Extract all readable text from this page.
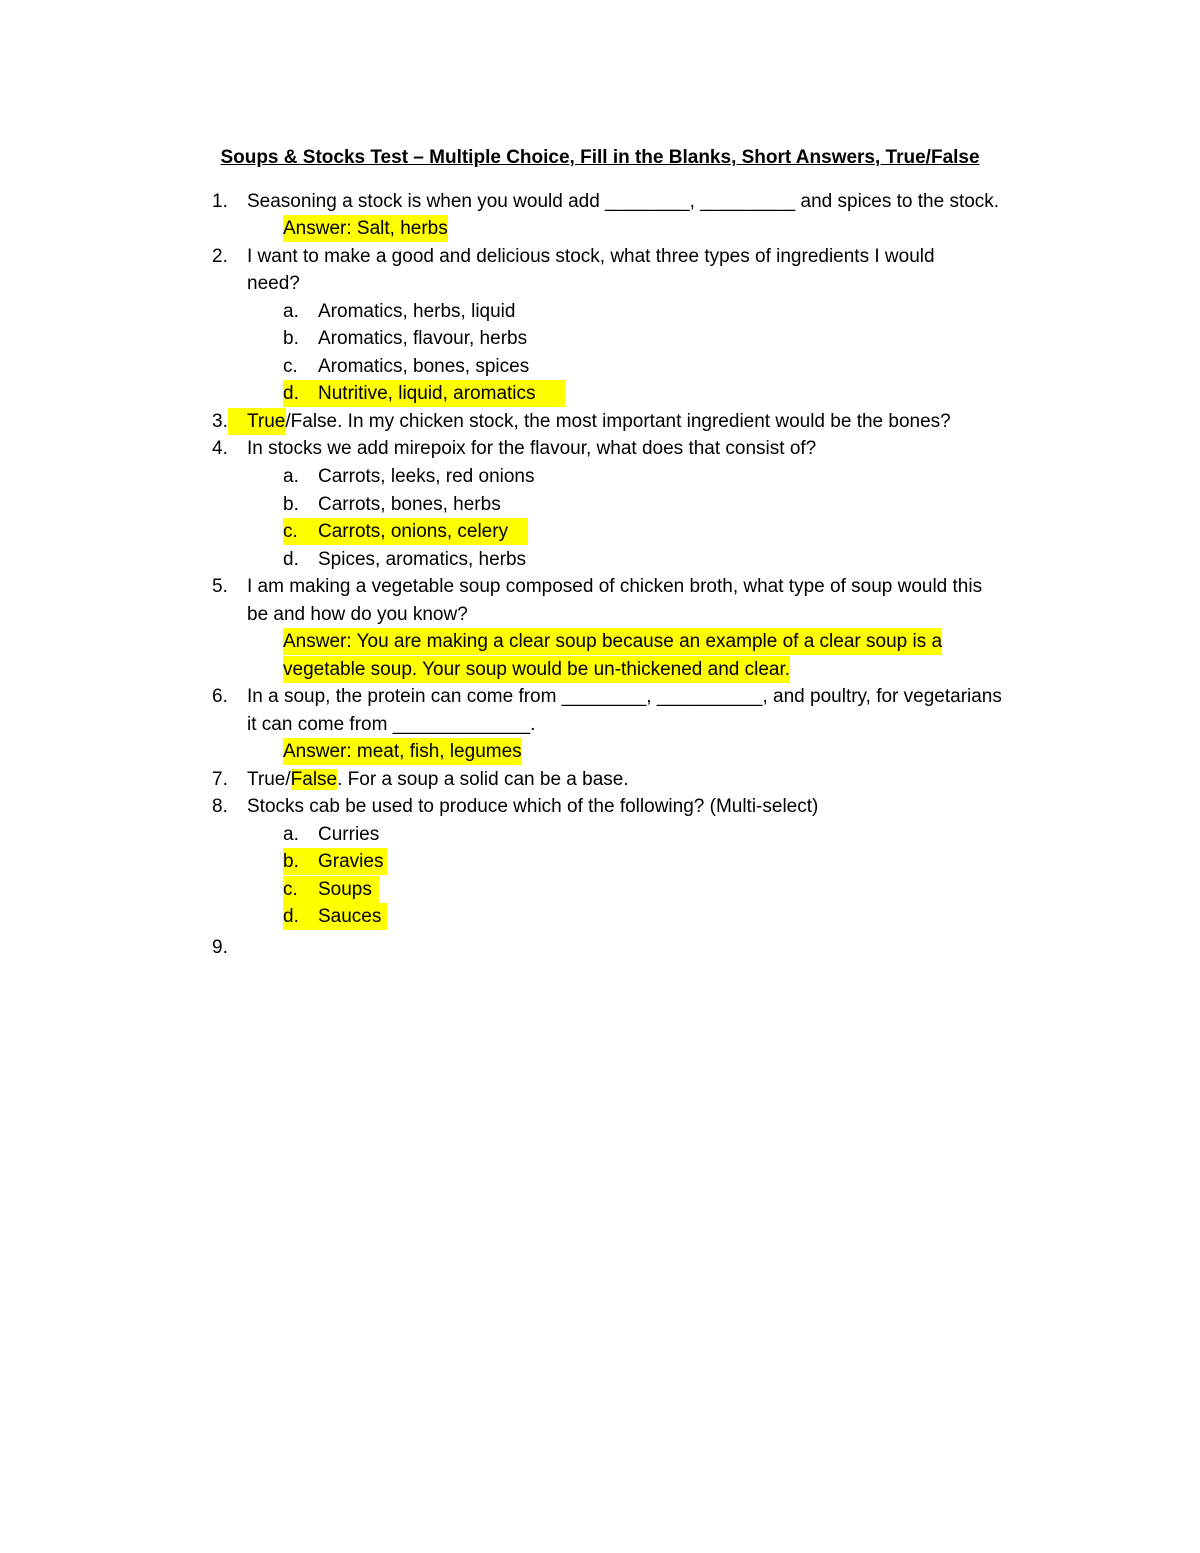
Soups & Stocks Test – Multiple Choice, Fill in the Blanks, Short Answers, True/False
1.	Seasoning a stock is when you would add ________, _________ and spices to the stock.
Answer: Salt, herbs
2.	I want to make a good and delicious stock, what three types of ingredients I would
need?
a. Aromatics, herbs, liquid
b. Aromatics, flavour, herbs
c. Aromatics, bones, spices
d. Nutritive, liquid, aromatics
3.	True/False. In my chicken stock, the most important ingredient would be the bones?
4.	In stocks we add mirepoix for the flavour, what does that consist of?
a. Carrots, leeks, red onions
b. Carrots, bones, herbs
c. Carrots, onions, celery
d. Spices, aromatics, herbs
5.	I am making a vegetable soup composed of chicken broth, what type of soup would this
be and how do you know?
Answer: You are making a clear soup because an example of a clear soup is a
vegetable soup. Your soup would be un-thickened and clear.
6.	In a soup, the protein can come from ________, __________, and poultry, for vegetarians
it can come from _____________.
Answer: meat, fish, legumes
7.	True/False. For a soup a solid can be a base.
8.	Stocks cab be used to produce which of the following? (Multi-select)
a. Curries
b. Gravies
c. Soups
d. Sauces
9.
